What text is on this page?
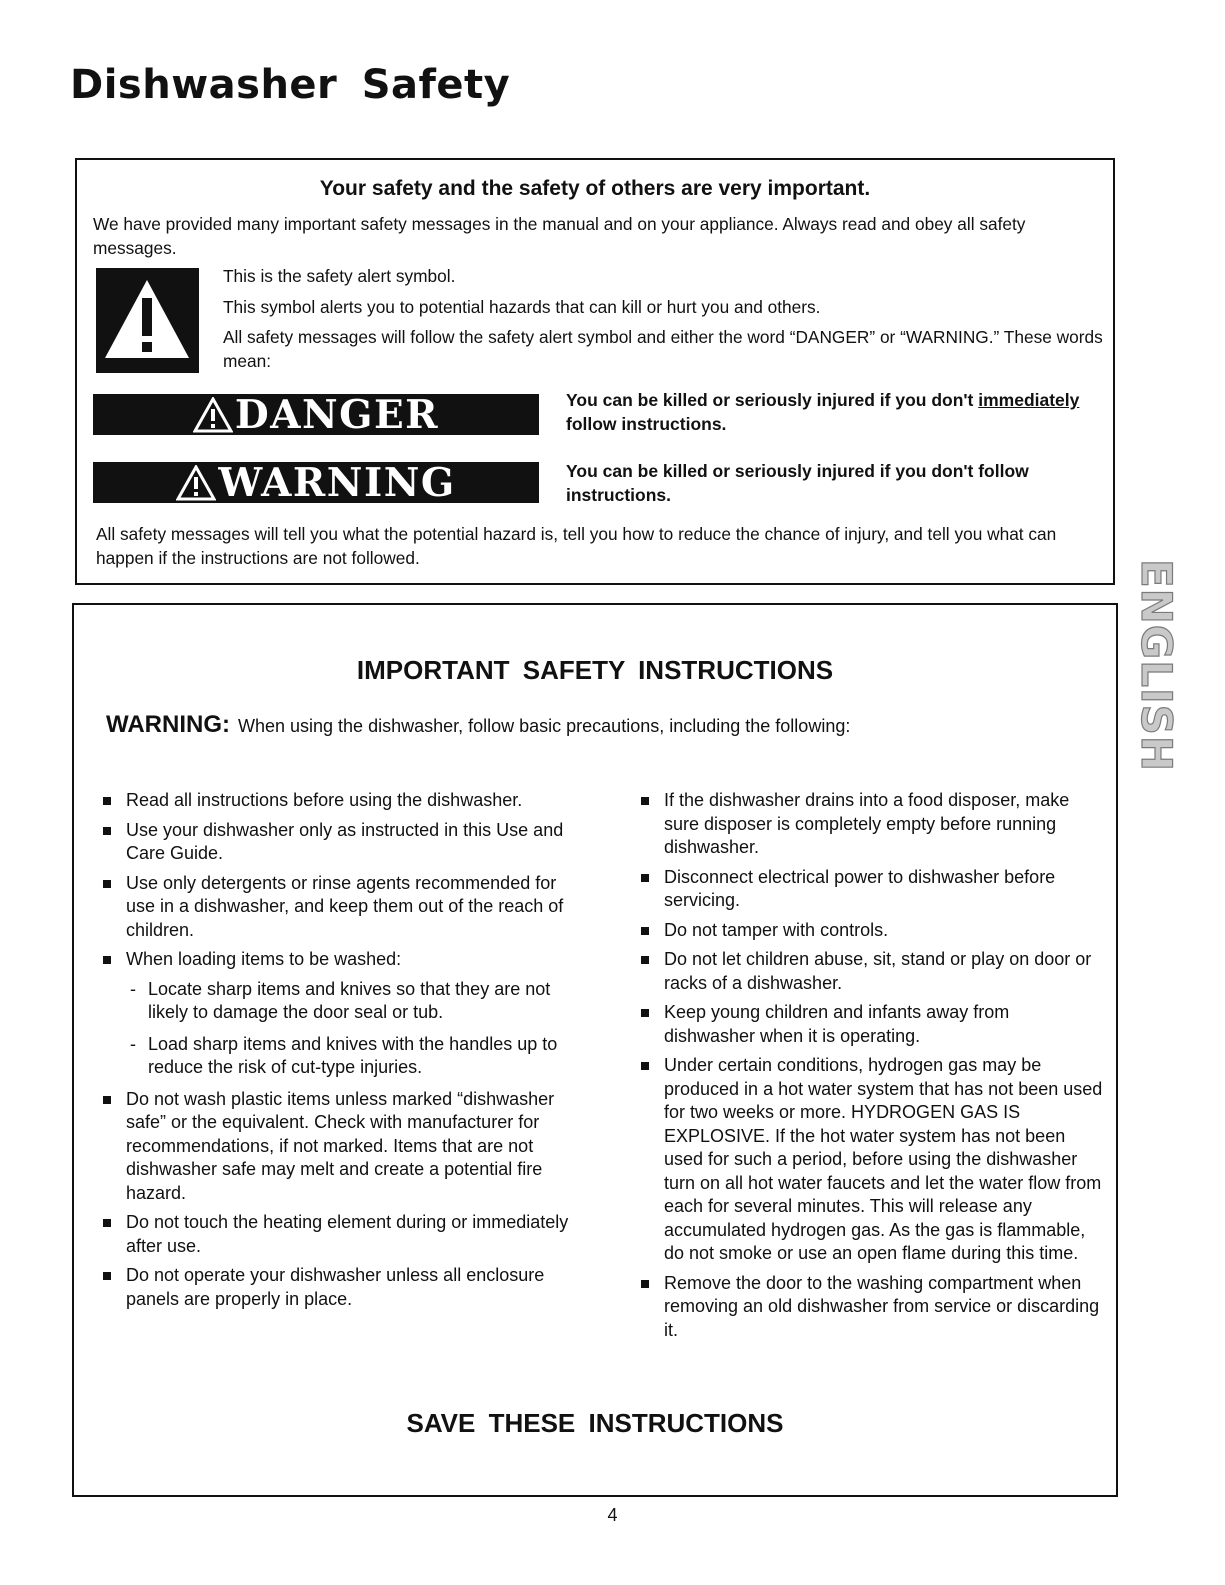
Dishwasher Safety

Your safety and the safety of others are very important.

We have provided many important safety messages in the manual and on your appliance. Always read and obey all safety messages.

This is the safety alert symbol.

This symbol alerts you to potential hazards that can kill or hurt you and others.

All safety messages will follow the safety alert symbol and either the word “DANGER” or “WARNING.” These words mean:

DANGER	You can be killed or seriously injured if you don't immediately follow instructions.

WARNING	You can be killed or seriously injured if you don't follow instructions.

All safety messages will tell you what the potential hazard is, tell you how to reduce the chance of injury, and tell you what can happen if the instructions are not followed.

IMPORTANT SAFETY INSTRUCTIONS

WARNING: When using the dishwasher, follow basic precautions, including the following:

Read all instructions before using the dishwasher.
Use your dishwasher only as instructed in this Use and Care Guide.
Use only detergents or rinse agents recommended for use in a dishwasher, and keep them out of the reach of children.
When loading items to be washed:
- Locate sharp items and knives so that they are not likely to damage the door seal or tub.
- Load sharp items and knives with the handles up to reduce the risk of cut-type injuries.
Do not wash plastic items unless marked “dishwasher safe” or the equivalent. Check with manufacturer for recommendations, if not marked. Items that are not dishwasher safe may melt and create a potential fire hazard.
Do not touch the heating element during or immediately after use.
Do not operate your dishwasher unless all enclosure panels are properly in place.
If the dishwasher drains into a food disposer, make sure disposer is completely empty before running dishwasher.
Disconnect electrical power to dishwasher before servicing.
Do not tamper with controls.
Do not let children abuse, sit, stand or play on door or racks of a dishwasher.
Keep young children and infants away from dishwasher when it is operating.
Under certain conditions, hydrogen gas may be produced in a hot water system that has not been used for two weeks or more. HYDROGEN GAS IS EXPLOSIVE. If the hot water system has not been used for such a period, before using the dishwasher turn on all hot water faucets and let the water flow from each for several minutes. This will release any accumulated hydrogen gas. As the gas is flammable, do not smoke or use an open flame during this time.
Remove the door to the washing compartment when removing an old dishwasher from service or discarding it.

SAVE THESE INSTRUCTIONS

ENGLISH

4
